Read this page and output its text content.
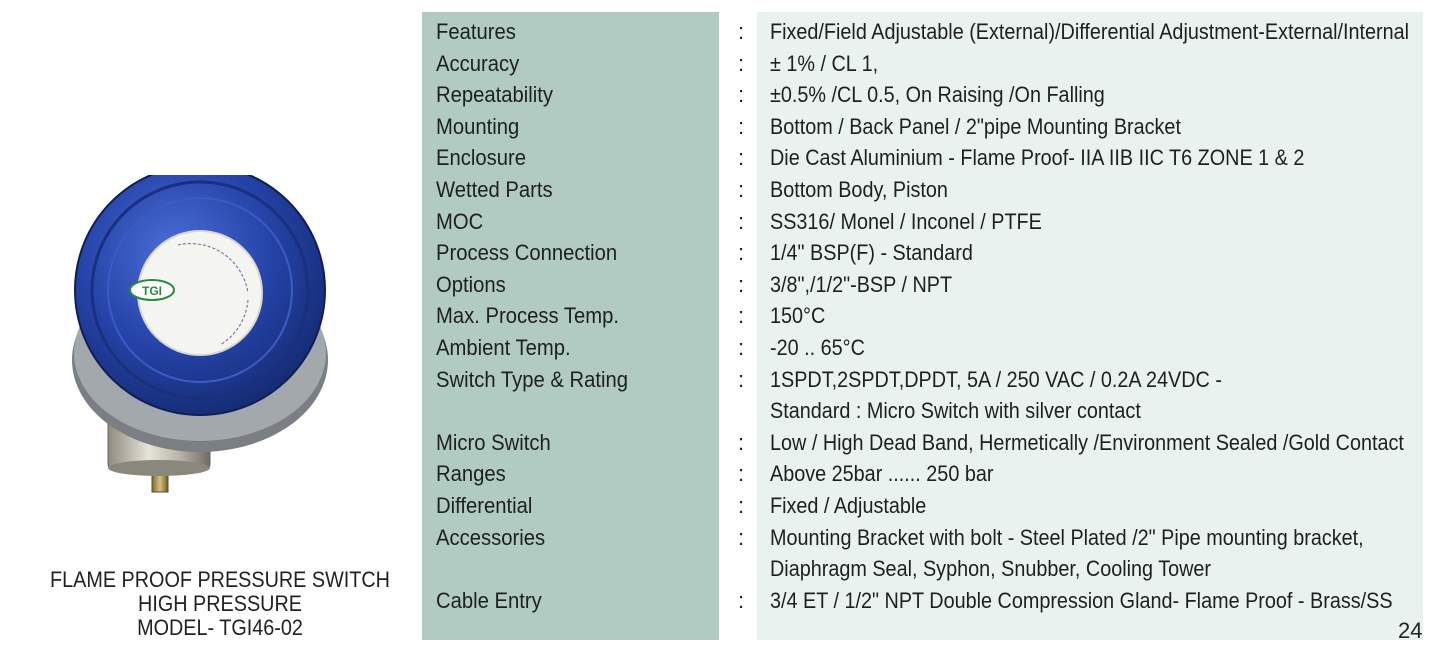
TGI
FLAME PROOF PRESSURE SWITCH
HIGH PRESSURE
MODEL- TGI46-02
Features	: Fixed/Field Adjustable (External)/Differential Adjustment-External/Internal
Accuracy	: ± 1% / CL 1,
Repeatability	: ±0.5% /CL 0.5, On Raising /On Falling
Mounting	: Bottom / Back Panel / 2"pipe Mounting Bracket
Enclosure	: Die Cast Aluminium - Flame Proof- IIA IIB IIC T6 ZONE 1 & 2
Wetted Parts	: Bottom Body, Piston
MOC	: SS316/ Monel / Inconel / PTFE
Process Connection	: 1/4" BSP(F) - Standard
Options	: 3/8",/1/2"-BSP / NPT
Max. Process Temp.	: 150°C
Ambient Temp.	: -20 .. 65°C
Switch Type & Rating	: 1SPDT,2SPDT,DPDT, 5A / 250 VAC / 0.2A 24VDC -
Standard : Micro Switch with silver contact
Micro Switch	: Low / High Dead Band, Hermetically /Environment Sealed /Gold Contact
Ranges	: Above 25bar ...... 250 bar
Differential	: Fixed / Adjustable
Accessories	: Mounting Bracket with bolt - Steel Plated /2" Pipe mounting bracket,
Diaphragm Seal, Syphon, Snubber, Cooling Tower
Cable Entry	: 3/4 ET / 1/2" NPT Double Compression Gland- Flame Proof - Brass/SS
24
